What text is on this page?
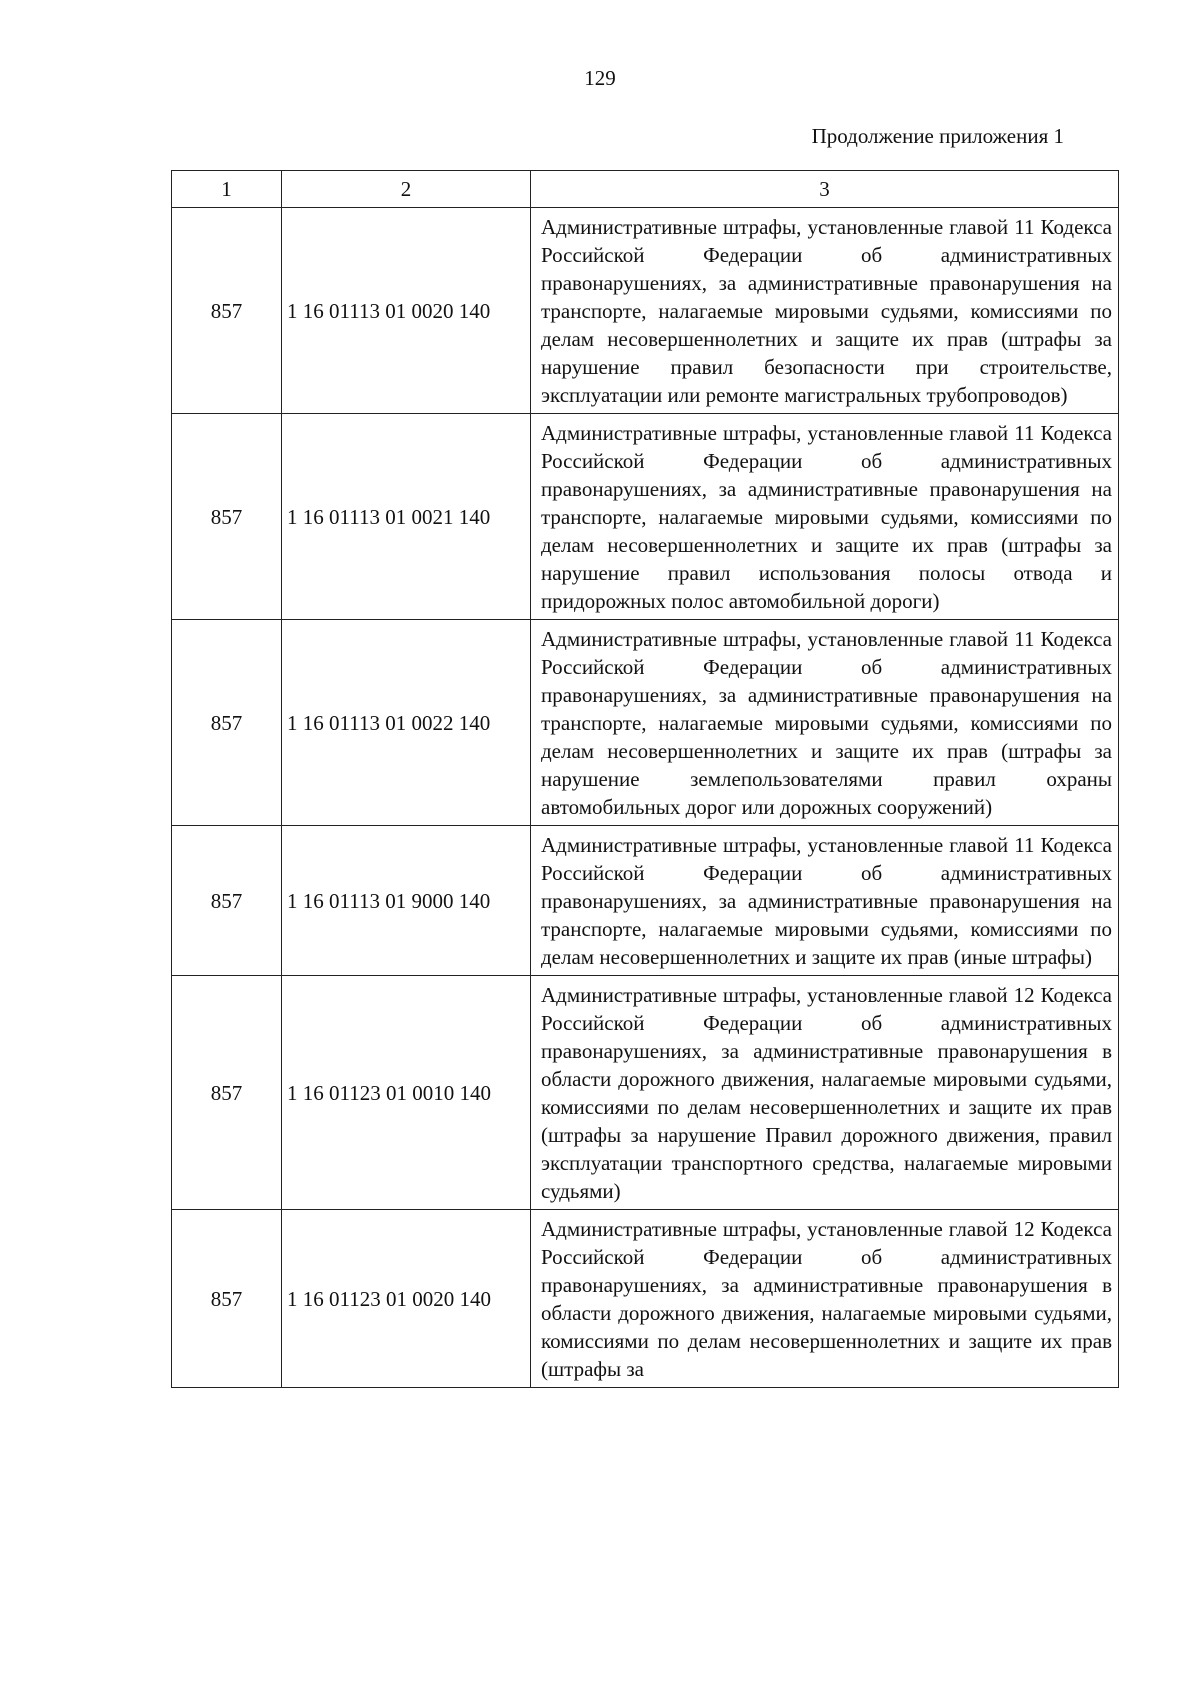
129
Продолжение приложения 1
1	2	3
857	1 16 01113 01 0020 140	Административные штрафы, установленные главой 11 Кодекса Российской Федерации об административных правонарушениях, за административные правонарушения на транспорте, налагаемые мировыми судьями, комиссиями по делам несовершеннолетних и защите их прав (штрафы за нарушение правил безопасности при строительстве, эксплуатации или ремонте магистральных трубопроводов)

857	1 16 01113 01 0021 140	Административные штрафы, установленные главой 11 Кодекса Российской Федерации об административных правонарушениях, за административные правонарушения на транспорте, налагаемые мировыми судьями, комиссиями по делам несовершеннолетних и защите их прав (штрафы за нарушение правил использования полосы отвода и придорожных полос автомобильной дороги)

857	1 16 01113 01 0022 140	Административные штрафы, установленные главой 11 Кодекса Российской Федерации об административных правонарушениях, за административные правонарушения на транспорте, налагаемые мировыми судьями, комиссиями по делам несовершеннолетних и защите их прав (штрафы за нарушение землепользователями правил охраны автомобильных дорог или дорожных сооружений)

857	1 16 01113 01 9000 140	Административные штрафы, установленные главой 11 Кодекса Российской Федерации об административных правонарушениях, за административные правонарушения на транспорте, налагаемые мировыми судьями, комиссиями по делам несовершеннолетних и защите их прав (иные штрафы)

857	1 16 01123 01 0010 140	Административные штрафы, установленные главой 12 Кодекса Российской Федерации об административных правонарушениях, за административные правонарушения в области дорожного движения, налагаемые мировыми судьями, комиссиями по делам несовершеннолетних и защите их прав (штрафы за нарушение Правил дорожного движения, правил эксплуатации транспортного средства, налагаемые мировыми судьями)

857	1 16 01123 01 0020 140	Административные штрафы, установленные главой 12 Кодекса Российской Федерации об административных правонарушениях, за административные правонарушения в области дорожного движения, налагаемые мировыми судьями, комиссиями по делам несовершеннолетних и защите их прав (штрафы за
